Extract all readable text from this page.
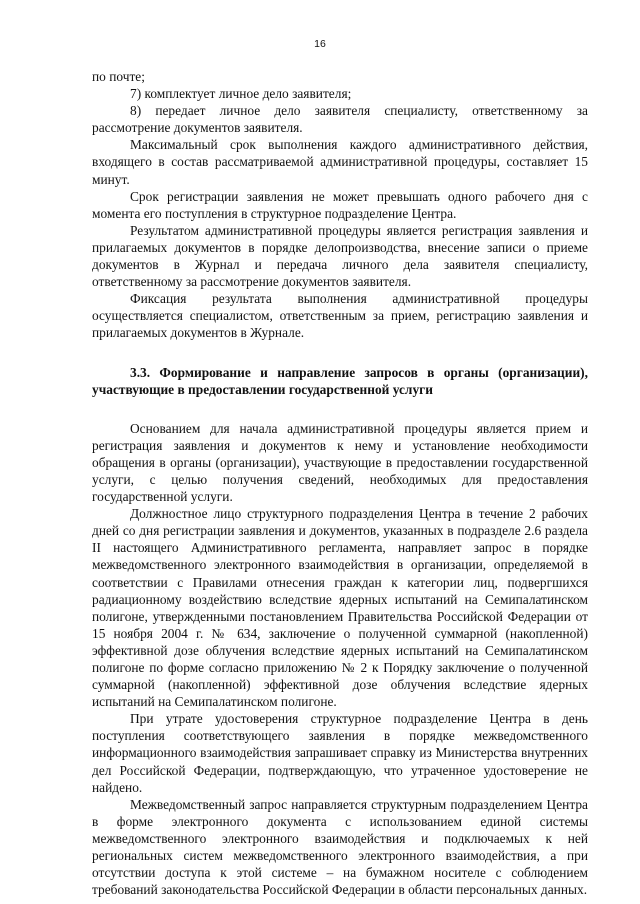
16

по почте;

7) комплектует личное дело заявителя;

8) передает личное дело заявителя специалисту, ответственному за рассмотрение документов заявителя.

Максимальный срок выполнения каждого административного действия, входящего в состав рассматриваемой административной процедуры, составляет 15 минут.

Срок регистрации заявления не может превышать одного рабочего дня с момента его поступления в структурное подразделение Центра.

Результатом административной процедуры является регистрация заявления и прилагаемых документов в порядке делопроизводства, внесение записи о приеме документов в Журнал и передача личного дела заявителя специалисту, ответственному за рассмотрение документов заявителя.

Фиксация результата выполнения административной процедуры осуществляется специалистом, ответственным за прием, регистрацию заявления и прилагаемых документов в Журнале.

3.3. Формирование и направление запросов в органы (организации), участвующие в предоставлении государственной услуги

Основанием для начала административной процедуры является прием и регистрация заявления и документов к нему и установление необходимости обращения в органы (организации), участвующие в предоставлении государственной услуги, с целью получения сведений, необходимых для предоставления государственной услуги.

Должностное лицо структурного подразделения Центра в течение 2 рабочих дней со дня регистрации заявления и документов, указанных в подразделе 2.6 раздела II настоящего Административного регламента, направляет запрос в порядке межведомственного электронного взаимодействия в организации, определяемой в соответствии с Правилами отнесения граждан к категории лиц, подвергшихся радиационному воздействию вследствие ядерных испытаний на Семипалатинском полигоне, утвержденными постановлением Правительства Российской Федерации от 15 ноября 2004 г. № 634, заключение о полученной суммарной (накопленной) эффективной дозе облучения вследствие ядерных испытаний на Семипалатинском полигоне по форме согласно приложению № 2 к Порядку заключение о полученной суммарной (накопленной) эффективной дозе облучения вследствие ядерных испытаний на Семипалатинском полигоне.

При утрате удостоверения структурное подразделение Центра в день поступления соответствующего заявления в порядке межведомственного информационного взаимодействия запрашивает справку из Министерства внутренних дел Российской Федерации, подтверждающую, что утраченное удостоверение не найдено.

Межведомственный запрос направляется структурным подразделением Центра в форме электронного документа с использованием единой системы межведомственного электронного взаимодействия и подключаемых к ней региональных систем межведомственного электронного взаимодействия, а при отсутствии доступа к этой системе – на бумажном носителе с соблюдением требований законодательства Российской Федерации в области персональных данных.
